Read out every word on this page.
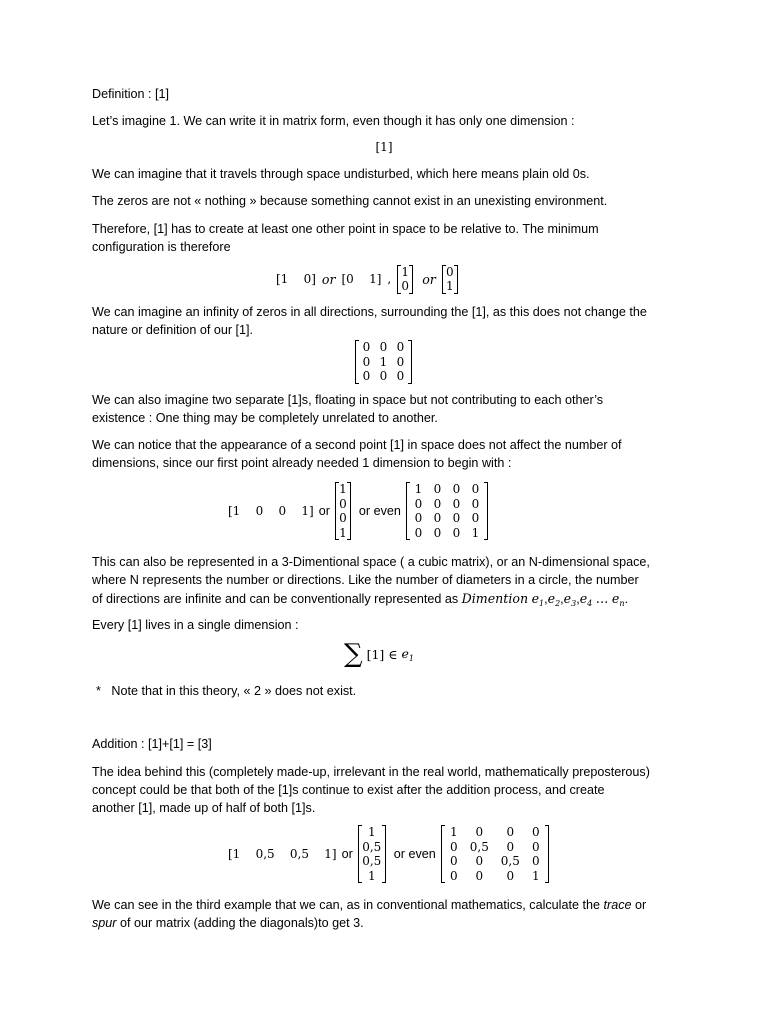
Definition : [1]

Let’s imagine 1. We can write it in matrix form, even though it has only one dimension :

[1]

We can imagine that it travels through space undisturbed, which here means plain old 0s.

The zeros are not « nothing » because something cannot exist in an unexisting environment.

Therefore, [1] has to create at least one other point in space to be relative to. The minimum

configuration is therefore

[1    0] or [0    1] ,
1
0 or 0
1

We can imagine an infinity of zeros in all directions, surrounding the [1], as this does not change the

nature or definition of our [1].

0 0 0
0 1 0
0 0 0

We can also imagine two separate [1]s, floating in space but not contributing to each other’s

existence : One thing may be completely unrelated to another.

We can notice that the appearance of a second point [1] in space does not affect the number of

dimensions, since our first point already needed 1 dimension to begin with :

[1    0    0    1] or
1
0
0
1
or even
1 0 0 0
0 0 0 0
0 0 0 0
0 0 0 1

This can also be represented in a 3-Dimentional space ( a cubic matrix), or an N-dimensional space,

where N represents the number or directions. Like the number of diameters in a circle, the number

of directions are infinite and can be conventionally represented as Dimention $e_1,e_2,e_3,e_4$ … $e_n$.

Every [1] lives in a single dimension :

∑ [1] ∈ $e_1$

*   Note that in this theory, « 2 » does not exist.

Addition : [1]+[1] = [3]

The idea behind this (completely made-up, irrelevant in the real world, mathematically preposterous)

concept could be that both of the [1]s continue to exist after the addition process, and create

another [1], made up of half of both [1]s.

[1    0,5    0,5    1] or
1
0,5
0,5
1
or even
1	0	0	0
0	0,5	0	0
0	0	0,5	0
0	0	0	1

We can see in the third example that we can, as in conventional mathematics, calculate the trace or

spur of our matrix (adding the diagonals)to get 3.
